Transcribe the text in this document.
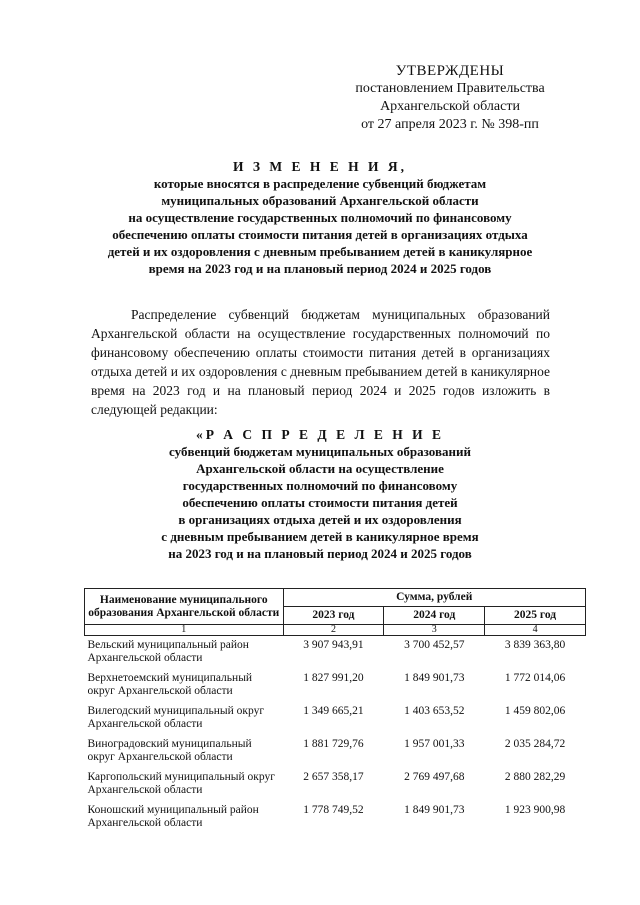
УТВЕРЖДЕНЫ
постановлением Правительства
Архангельской области
от 27 апреля 2023 г. № 398-пп
И З М Е Н Е Н И Я,
которые вносятся в распределение субвенций бюджетам
муниципальных образований Архангельской области
на осуществление государственных полномочий по финансовому
обеспечению оплаты стоимости питания детей в организациях отдыха
детей и их оздоровления с дневным пребыванием детей в каникулярное
время на 2023 год и на плановый период 2024 и 2025 годов
Распределение субвенций бюджетам муниципальных образований Архангельской области на осуществление государственных полномочий по финансовому обеспечению оплаты стоимости питания детей в организациях отдыха детей и их оздоровления с дневным пребыванием детей в каникулярное время на 2023 год и на плановый период 2024 и 2025 годов изложить в следующей редакции:
«Р А С П Р Е Д Е Л Е Н И Е
субвенций бюджетам муниципальных образований
Архангельской области на осуществление
государственных полномочий по финансовому
обеспечению оплаты стоимости питания детей
в организациях отдыха детей и их оздоровления
с дневным пребыванием детей в каникулярное время
на 2023 год и на плановый период 2024 и 2025 годов
Наименование муниципального образования Архангельской области	Сумма, рублей		
	2023 год	2024 год	2025 год
1	2	3	4
Вельский муниципальный район Архангельской области	3 907 943,91	3 700 452,57	3 839 363,80
Верхнетоемский муниципальный округ Архангельской области	1 827 991,20	1 849 901,73	1 772 014,06
Вилегодский муниципальный округ Архангельской области	1 349 665,21	1 403 653,52	1 459 802,06
Виноградовский муниципальный округ Архангельской области	1 881 729,76	1 957 001,33	2 035 284,72
Каргопольский муниципальный округ Архангельской области	2 657 358,17	2 769 497,68	2 880 282,29
Коношский муниципальный район Архангельской области	1 778 749,52	1 849 901,73	1 923 900,98
